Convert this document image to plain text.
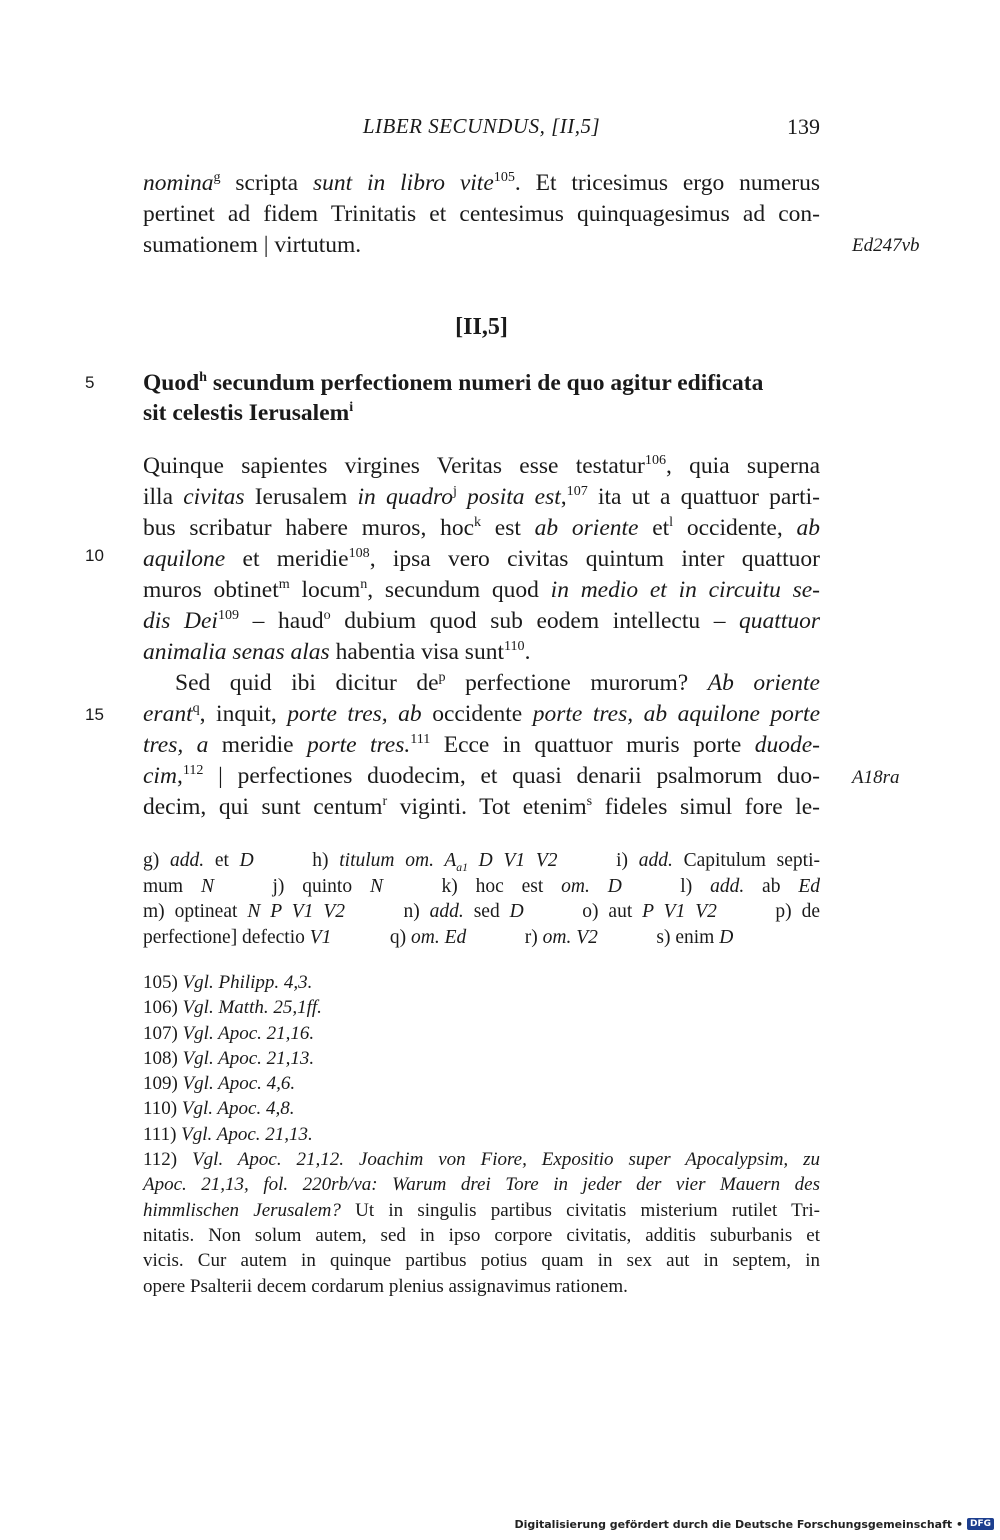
LIBER SECUNDUS, [II,5]	139
nomina$^g$ scripta sunt in libro vite$^{105}$. Et tricesimus ergo numerus
pertinet ad fidem Trinitatis et centesimus quinquagesimus ad con-
sumationem | virtutum.	Ed247vb
[II,5]
5 Quod$^h$ secundum perfectionem numeri de quo agitur edificata
sit celestis Ierusalem$^i$
Quinque sapientes virgines Veritas esse testatur$^{106}$, quia superna
illa civitas Ierusalem in quadro$^j$ posita est,$^{107}$ ita ut a quattuor parti-
bus scribatur habere muros, hoc$^k$ est ab oriente $et^l$ occidente, ab
aquilone et meridie$^{108}$, ipsa vero civitas quintum inter quattuor
muros obtinet$^m$ locum$^n$, secundum quod in medio et in circuitu se-
dis Dei$^{109}$ – haud$^o$ dubium quod sub eodem intellectu – quattuor
animalia senas alas habentia visa sunt$^{110}$.
Sed quid ibi dicitur $de^p$ perfectione murorum? Ab oriente
erant$^q$, inquit, porte tres, ab occidente porte tres, ab aquilone porte
tres, a meridie porte tres.$^{111}$ Ecce in quattuor muris porte duode-
cim,$^{112}$ | perfectiones duodecim, et quasi denarii psalmorum duo-
decim, qui sunt centum$^r$ viginti. Tot etenim$^s$ fideles simul fore le-
10
15
A18ra
g) add. et D   	h) titulum om. $A_{a1}$ D V1 V2   	i) add. Capitulum septi-
mum N   	j) quinto N   	k) hoc est om. D   	l) add. ab Ed
m) optineat N P V1 V2   	n) add. sed D   	o) aut P V1 V2   	p) de
perfectione] defectio V1   	q) om. Ed   	r) om. V2   	s) enim D      
105) Vgl. Philipp. 4,3.
106) Vgl. Matth. 25,1ff.
107) Vgl. Apoc. 21,16.
108) Vgl. Apoc. 21,13.
109) Vgl. Apoc. 4,6.
110) Vgl. Apoc. 4,8.
111) Vgl. Apoc. 21,13.
112) Vgl. Apoc. 21,12. Joachim von Fiore, Expositio super Apocalypsim, zu
Apoc. 21,13, fol. 220rb/va: Warum drei Tore in jeder der vier Mauern des
himmlischen Jerusalem? Ut in singulis partibus civitatis misterium rutilet Tri-
nitatis. Non solum autem, sed in ipso corpore civitatis, additis suburbanis et
vicis. Cur autem in quinque partibus potius quam in sex aut in septem, in
opere Psalterii decem cordarum plenius assignavimus rationem.
Digitalisierung gefördert durch die Deutsche Forschungsgemeinschaft • DFG
